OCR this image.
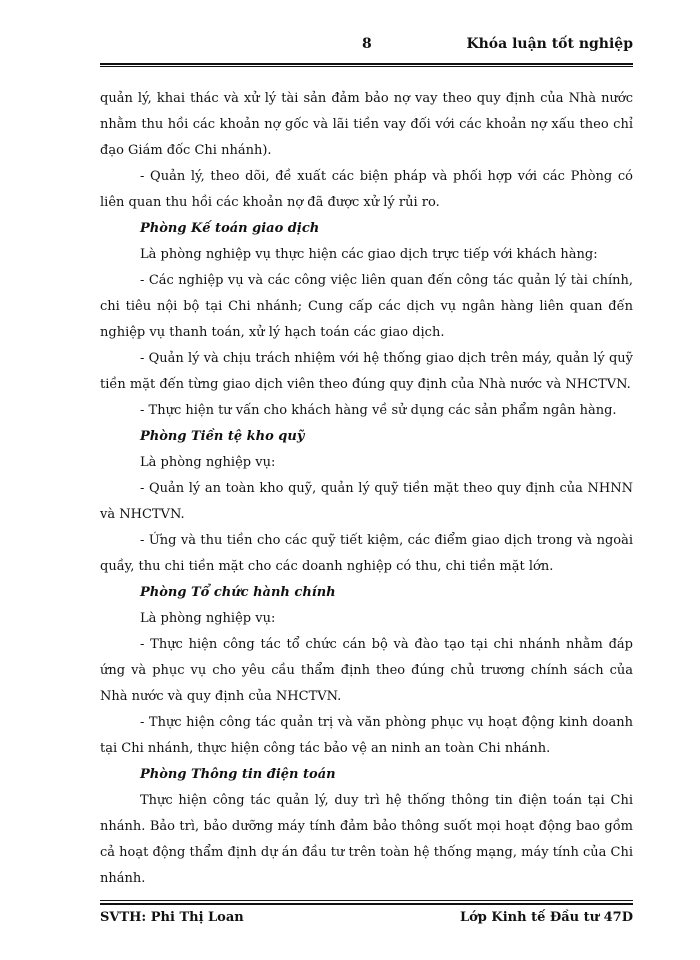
8	Khóa luận tốt nghiệp

quản lý, khai thác và xử lý tài sản đảm bảo nợ vay theo quy định của Nhà nước nhằm thu hồi các khoản nợ gốc và lãi tiền vay đối với các khoản nợ xấu theo chỉ đạo Giám đốc Chi nhánh).

- Quản lý, theo dõi, đề xuất các biện pháp và phối hợp với các Phòng có liên quan thu hồi các khoản nợ đã được xử lý rủi ro.

Phòng Kế toán giao dịch

Là phòng nghiệp vụ thực hiện các giao dịch trực tiếp với khách hàng:

- Các nghiệp vụ và các công việc liên quan đến công tác quản lý tài chính, chi tiêu nội bộ tại Chi nhánh; Cung cấp các dịch vụ ngân hàng liên quan đến nghiệp vụ thanh toán, xử lý hạch toán các giao dịch.

- Quản lý và chịu trách nhiệm với hệ thống giao dịch trên máy, quản lý quỹ tiền mặt đến từng giao dịch viên theo đúng quy định của Nhà nước và NHCTVN.

- Thực hiện tư vấn cho khách hàng về sử dụng các sản phẩm ngân hàng.

Phòng Tiền tệ kho quỹ

Là phòng nghiệp vụ:

- Quản lý an toàn kho quỹ, quản lý quỹ tiền mặt theo quy định của NHNN và NHCTVN.

- Ứng và thu tiền cho các quỹ tiết kiệm, các điểm giao dịch trong và ngoài quầy, thu chi tiền mặt cho các doanh nghiệp có thu, chi tiền mặt lớn.

Phòng Tổ chức hành chính

Là phòng nghiệp vụ:

- Thực hiện công tác tổ chức cán bộ và đào tạo tại chi nhánh nhằm đáp ứng và phục vụ cho yêu cầu thẩm định theo đúng chủ trương chính sách của Nhà nước và quy định của NHCTVN.

- Thực hiện công tác quản trị và văn phòng phục vụ hoạt động kinh doanh tại Chi nhánh, thực hiện công tác bảo vệ an ninh an toàn Chi nhánh.

Phòng Thông tin điện toán

Thực hiện công tác quản lý, duy trì hệ thống thông tin điện toán tại Chi nhánh. Bảo trì, bảo dưỡng máy tính đảm bảo thông suốt mọi hoạt động bao gồm cả hoạt động thẩm định dự án đầu tư trên toàn hệ thống mạng, máy tính của Chi nhánh.

SVTH: Phi Thị Loan	Lớp Kinh tế Đầu tư 47D
